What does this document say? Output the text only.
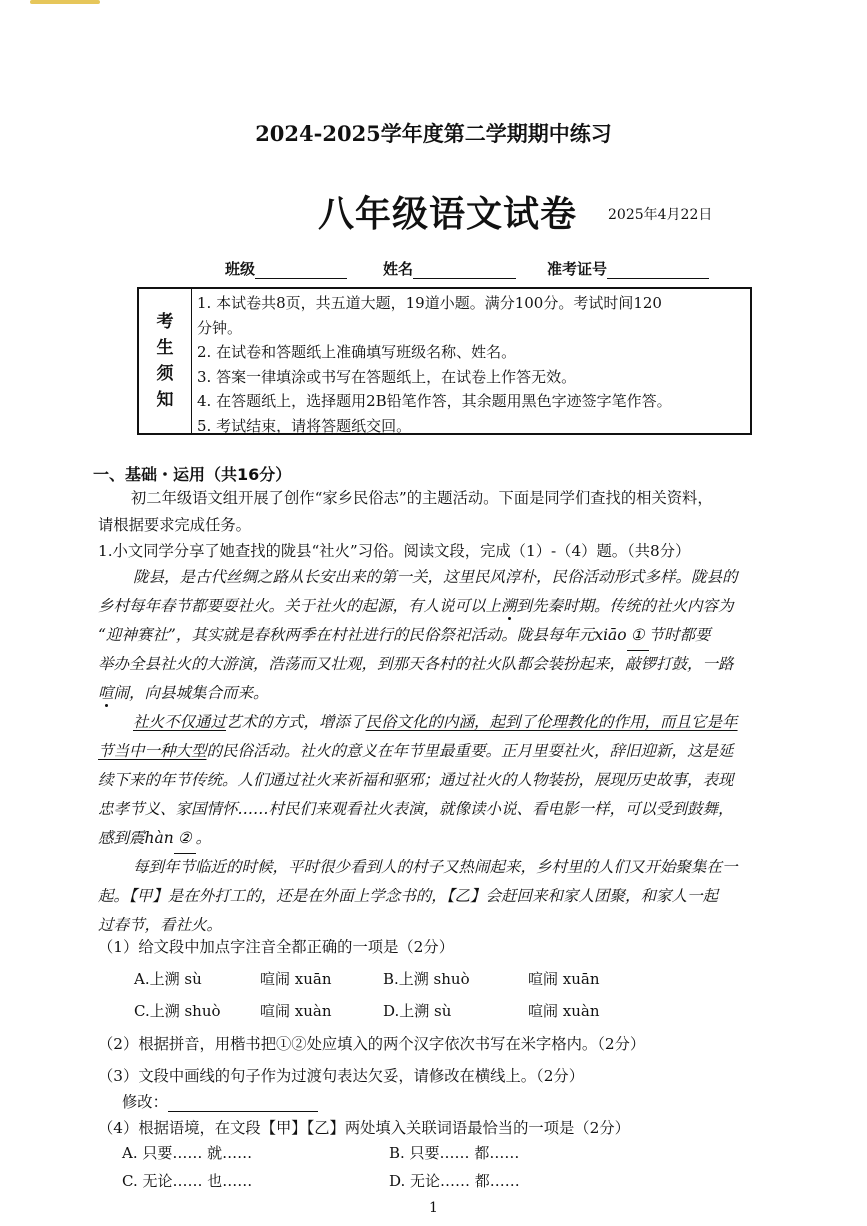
2024-2025学年度第二学期期中练习
八年级语文试卷 2025年4月22日
班级	姓名	准考证号
考
生
须
知
1. 本试卷共8页，共五道大题，19道小题。满分100分。考试时间120
分钟。
2. 在试卷和答题纸上准确填写班级名称、姓名。
3. 答案一律填涂或书写在答题纸上，在试卷上作答无效。
4. 在答题纸上，选择题用2B铅笔作答，其余题用黑色字迹签字笔作答。
5. 考试结束，请将答题纸交回。
一、基础・运用（共16分）
初二年级语文组开展了创作“家乡民俗志”的主题活动。下面是同学们查找的相关资料，
请根据要求完成任务。
1.小文同学分享了她查找的陇县“社火”习俗。阅读文段，完成（1）-（4）题。（共8分）
陇县，是古代丝绸之路从长安出来的第一关，这里民风淳朴，民俗活动形式多样。陇县的
乡村每年春节都要耍社火。关于社火的起源，有人说可以上溯到先秦时期。传统的社火内容为
“迎神赛社”，其实就是春秋两季在村社进行的民俗祭祀活动。陇县每年元xiāo ① 节时都要
举办全县社火的大游演，浩荡而又壮观，到那天各村的社火队都会装扮起来，敲锣打鼓，一路
喧闹，向县城集合而来。
社火不仅通过艺术的方式，增添了民俗文化的内涵，起到了伦理教化的作用，而且它是年
节当中一种大型的民俗活动。社火的意义在年节里最重要。正月里耍社火，辞旧迎新，这是延
续下来的年节传统。人们通过社火来祈福和驱邪；通过社火的人物装扮，展现历史故事，表现
忠孝节义、家国情怀……村民们来观看社火表演，就像读小说、看电影一样，可以受到鼓舞，
感到震hàn ② 。
每到年节临近的时候，平时很少看到人的村子又热闹起来，乡村里的人们又开始聚集在一
起。【甲】是在外打工的，还是在外面上学念书的，【乙】会赶回来和家人团聚，和家人一起
过春节，看社火。
（1）给文段中加点字注音全都正确的一项是（2分）
A.上溯 sù	喧闹 xuān	B.上溯 shuò	喧闹 xuān
C.上溯 shuò	喧闹 xuàn	D.上溯 sù	喧闹 xuàn
（2）根据拼音，用楷书把①②处应填入的两个汉字依次书写在米字格内。（2分）
（3）文段中画线的句子作为过渡句表达欠妥，请修改在横线上。（2分）
修改：
（4）根据语境，在文段【甲】【乙】两处填入关联词语最恰当的一项是（2分）
A. 只要…… 就……	B. 只要…… 都……
C. 无论…… 也……	D. 无论…… 都……
1
